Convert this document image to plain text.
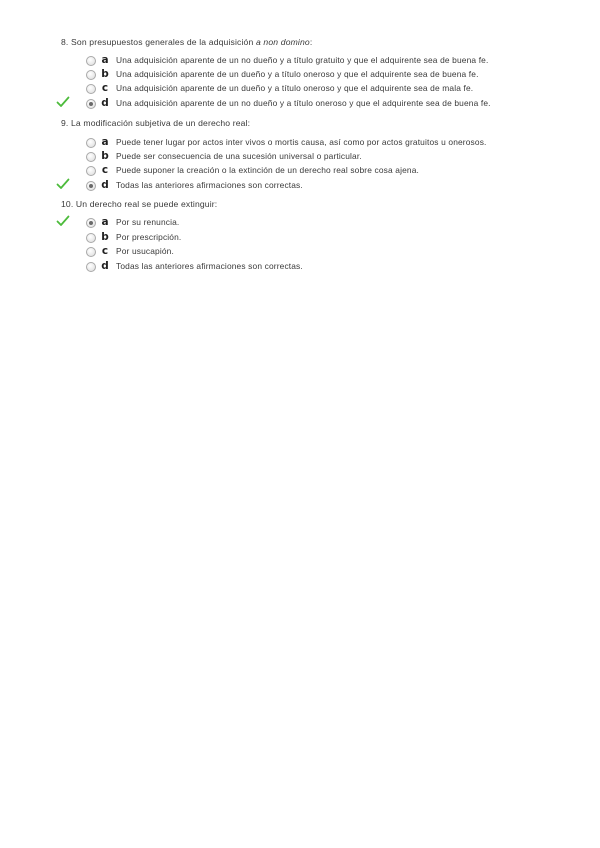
8. Son presupuestos generales de la adquisición a non domino:
a Una adquisición aparente de un no dueño y a título gratuito y que el adquirente sea de buena fe.
b Una adquisición aparente de un dueño y a título oneroso y que el adquirente sea de buena fe.
c Una adquisición aparente de un dueño y a título oneroso y que el adquirente sea de mala fe.
d Una adquisición aparente de un no dueño y a título oneroso y que el adquirente sea de buena fe.
9. La modificación subjetiva de un derecho real:
a Puede tener lugar por actos inter vivos o mortis causa, así como por actos gratuitos u onerosos.
b Puede ser consecuencia de una sucesión universal o particular.
c Puede suponer la creación o la extinción de un derecho real sobre cosa ajena.
d Todas las anteriores afirmaciones son correctas.
10. Un derecho real se puede extinguir:
a Por su renuncia.
b Por prescripción.
c Por usucapión.
d Todas las anteriores afirmaciones son correctas.
